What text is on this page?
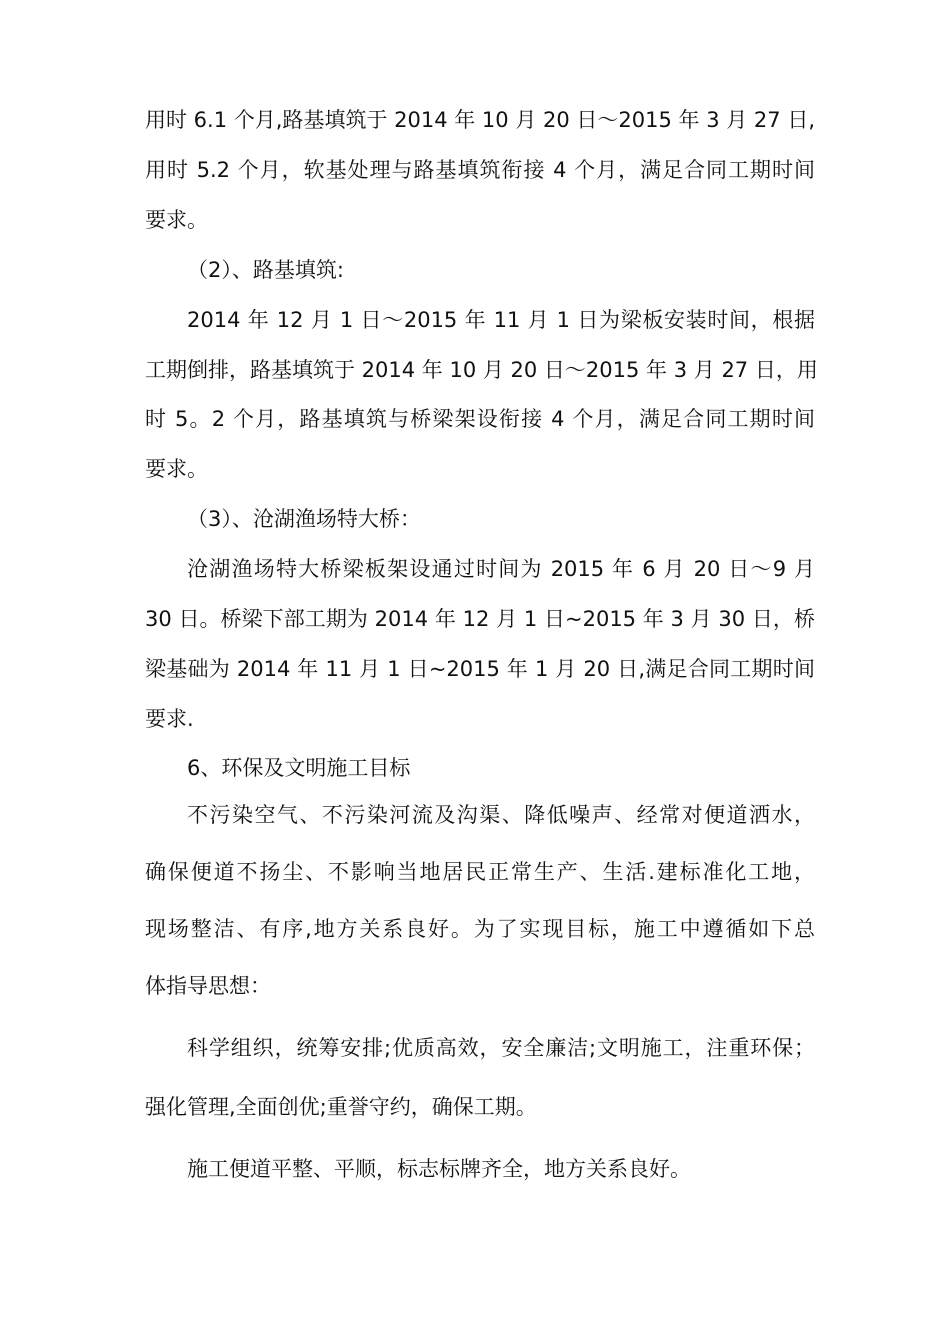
用时 6.1 个月,路基填筑于 2014 年 10 月 20 日～2015 年 3 月 27 日,
用时 5.2 个月，软基处理与路基填筑衔接 4 个月，满足合同工期时间
要求。
（2）、路基填筑:
2014 年 12 月 1 日～2015 年 11 月 1 日为梁板安装时间，根据
工期倒排，路基填筑于 2014 年 10 月 20 日～2015 年 3 月 27 日，用
时 5。2 个月，路基填筑与桥梁架设衔接 4 个月，满足合同工期时间
要求。
（3）、沧湖渔场特大桥：
沧湖渔场特大桥梁板架设通过时间为 2015 年 6 月 20 日～9 月
30 日。桥梁下部工期为 2014 年 12 月 1 日~2015 年 3 月 30 日，桥
梁基础为 2014 年 11 月 1 日~2015 年 1 月 20 日,满足合同工期时间
要求.
6、环保及文明施工目标
不污染空气、不污染河流及沟渠、降低噪声、经常对便道洒水，
确保便道不扬尘、不影响当地居民正常生产、生活.建标准化工地，
现场整洁、有序,地方关系良好。为了实现目标，施工中遵循如下总
体指导思想：
科学组织，统筹安排;优质高效，安全廉洁;文明施工，注重环保；
强化管理,全面创优;重誉守约，确保工期。
施工便道平整、平顺，标志标牌齐全，地方关系良好。
